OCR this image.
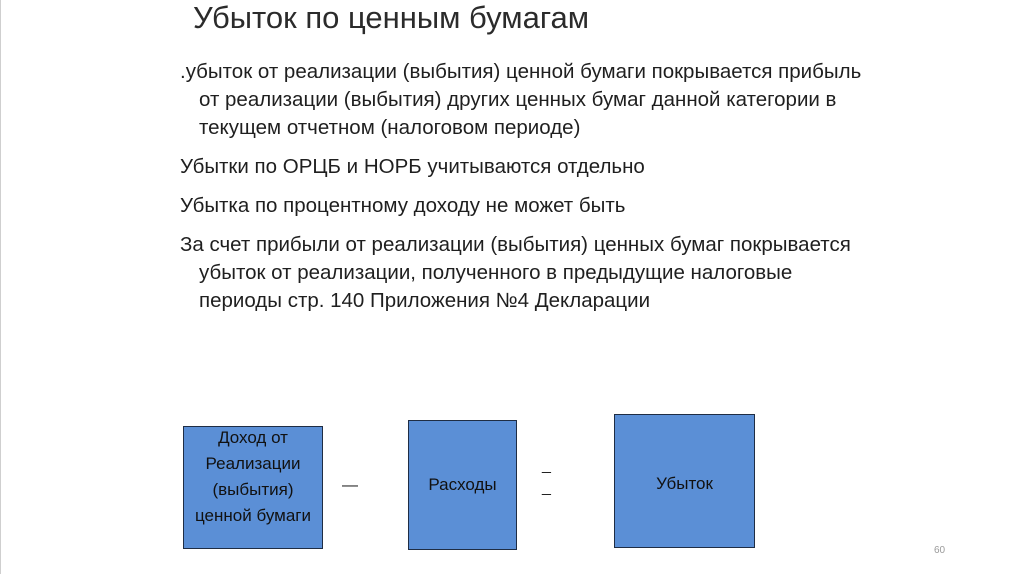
Убыток по ценным бумагам

.убыток от реализации (выбытия) ценной бумаги покрывается прибыль от реализации (выбытия) других ценных бумаг данной категории в текущем отчетном (налоговом периоде)

Убытки по ОРЦБ и НОРБ учитываются отдельно

Убытка по процентному доходу не может быть

За счет прибыли от реализации (выбытия) ценных бумаг покрывается убыток от реализации, полученного в предыдущие налоговые периоды стр. 140 Приложения №4 Декларации

Доход от Реализации (выбытия) ценной бумаги
—	Расходы
_
_	Убыток
60
